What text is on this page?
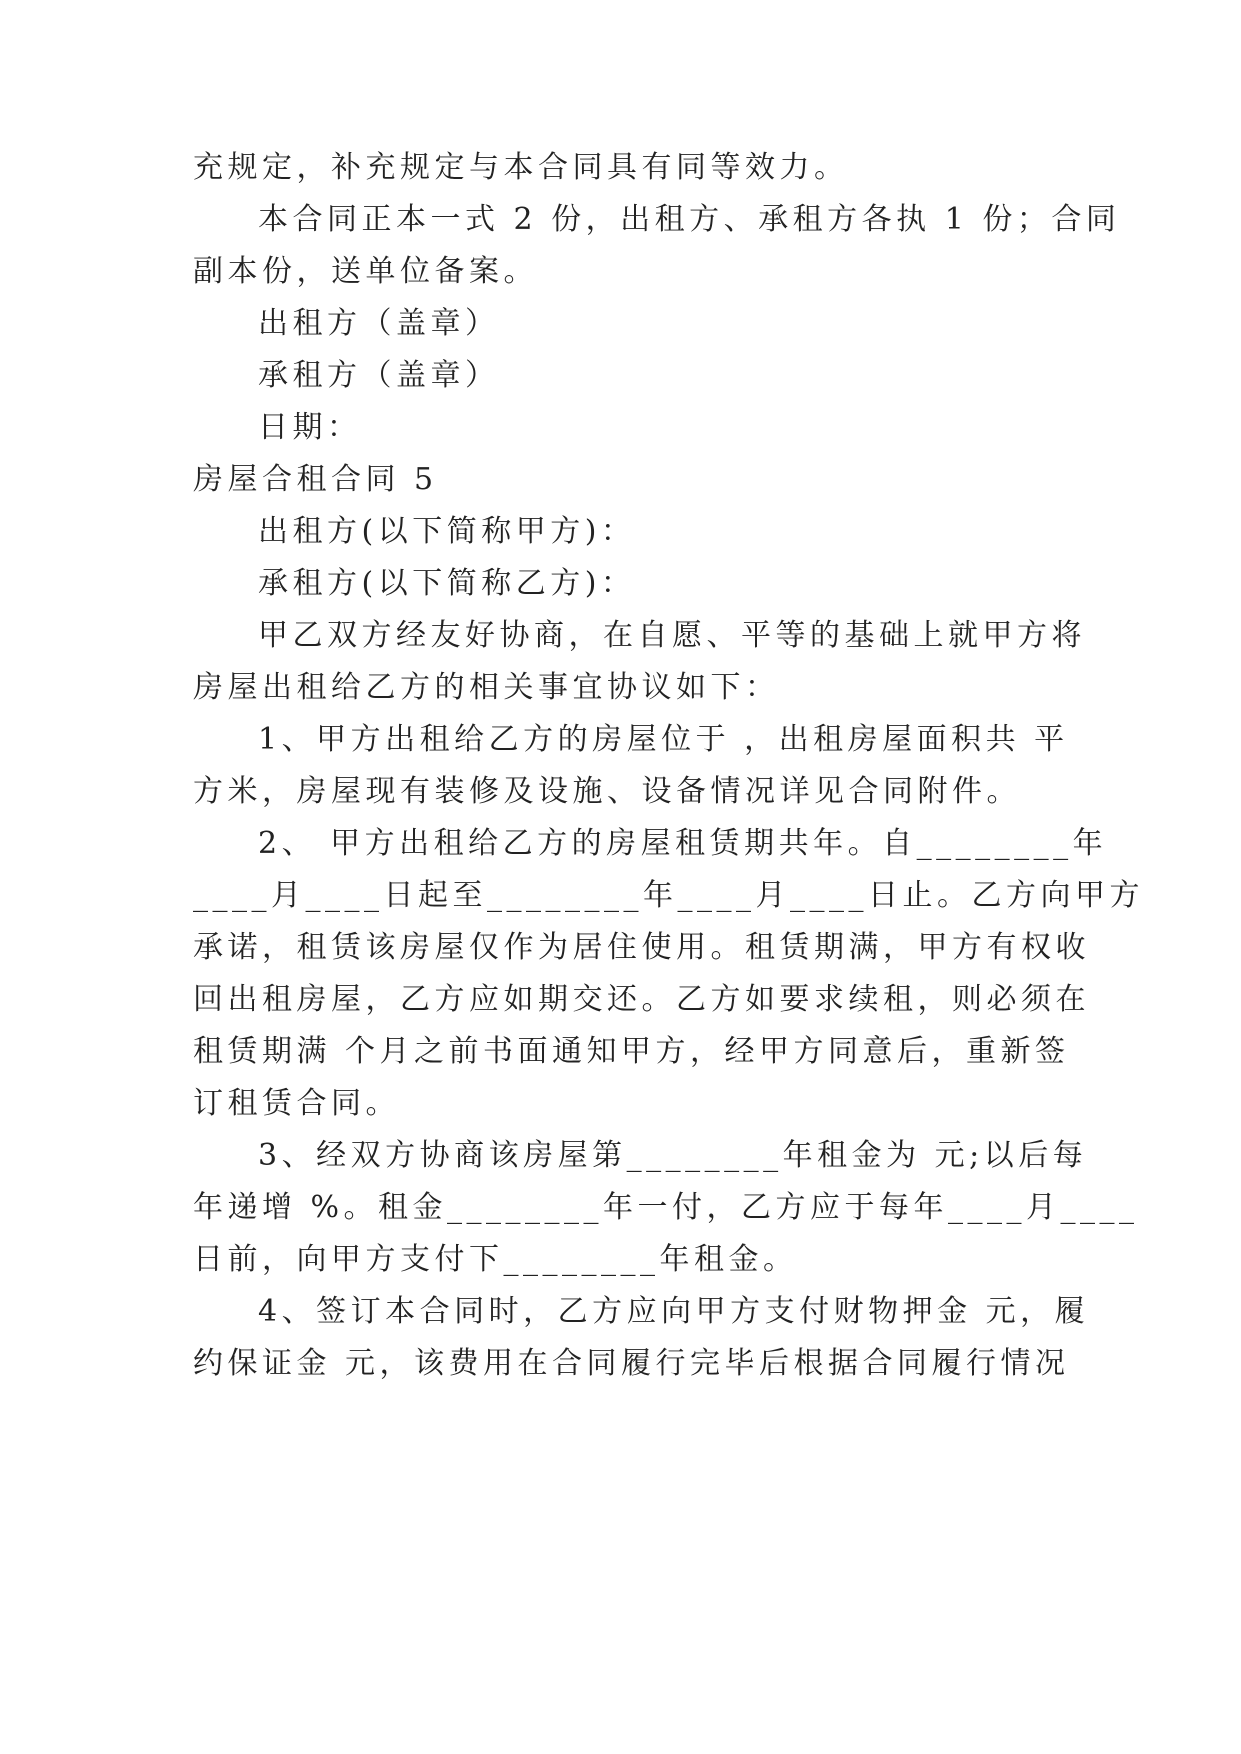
充规定，补充规定与本合同具有同等效力。
本合同正本一式 2 份，出租方、承租方各执 1 份；合同
副本份，送单位备案。
出租方（盖章）
承租方（盖章）
日期：
房屋合租合同 5
出租方(以下简称甲方)：
承租方(以下简称乙方)：
甲乙双方经友好协商，在自愿、平等的基础上就甲方将
房屋出租给乙方的相关事宜协议如下：
1、甲方出租给乙方的房屋位于 ，出租房屋面积共 平
方米，房屋现有装修及设施、设备情况详见合同附件。
2、 甲方出租给乙方的房屋租赁期共年。自________年
____月____日起至________年____月____日止。乙方向甲方
承诺，租赁该房屋仅作为居住使用。租赁期满，甲方有权收
回出租房屋，乙方应如期交还。乙方如要求续租，则必须在
租赁期满 个月之前书面通知甲方，经甲方同意后，重新签
订租赁合同。
3、经双方协商该房屋第________年租金为 元;以后每
年递增 %。租金________年一付，乙方应于每年____月____
日前，向甲方支付下________年租金。
4、签订本合同时，乙方应向甲方支付财物押金 元，履
约保证金 元，该费用在合同履行完毕后根据合同履行情况
